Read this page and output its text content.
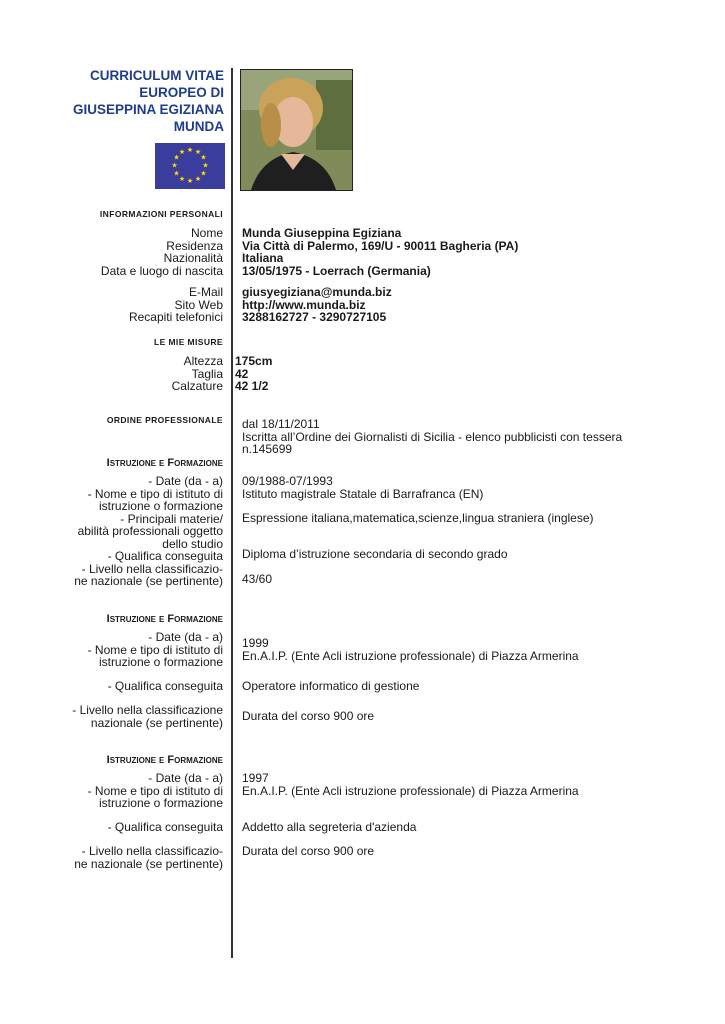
CURRICULUM VITAE
EUROPEO DI
GIUSEPPINA EGIZIANA
MUNDA
★ ★
★
★
★
★
★
★
★
★
★
★
INFORMAZIONI PERSONALI
Nome
Residenza
Nazionalità
Data e luogo di nascita
Munda Giuseppina Egiziana
Via Città di Palermo, 169/U - 90011 Bagheria (PA)
Italiana
13/05/1975 - Loerrach (Germania)
E-Mail
Sito Web
Recapiti telefonici
giusyegiziana@munda.biz
http://www.munda.biz
3288162727 - 3290727105
LE MIE MISURE
Altezza
Taglia
Calzature
175cm
42
42 1/2
ORDINE PROFESSIONALE dal 18/11/2011
Iscritta all’Ordine dei Giornalisti di Sicilia - elenco pubblicisti con tessera
n.145699
Istruzione e Formazione
- Date (da - a)
- Nome e tipo di istituto di
istruzione o formazione
- Principali materie/
abilità professionali oggetto
dello studio
- Qualifica conseguita
- Livello nella classificazio-
ne nazionale (se pertinente)
09/1988-07/1993
Istituto magistrale Statale di Barrafranca (EN)
Espressione italiana,matematica,scienze,lingua straniera (inglese)
Diploma d’istruzione secondaria di secondo grado
43/60
Istruzione e Formazione
- Date (da - a)
- Nome e tipo di istituto di
istruzione o formazione
1999
En.A.I.P. (Ente Acli istruzione professionale) di Piazza Armerina
- Qualifica conseguita Operatore informatico di gestione
- Livello nella classificazione
nazionale (se pertinente) Durata del corso 900 ore
Istruzione e Formazione
- Date (da - a)
- Nome e tipo di istituto di
istruzione o formazione
1997
En.A.I.P. (Ente Acli istruzione professionale) di Piazza Armerina
- Qualifica conseguita Addetto alla segreteria d'azienda
- Livello nella classificazio-
ne nazionale (se pertinente)
Durata del corso 900 ore
